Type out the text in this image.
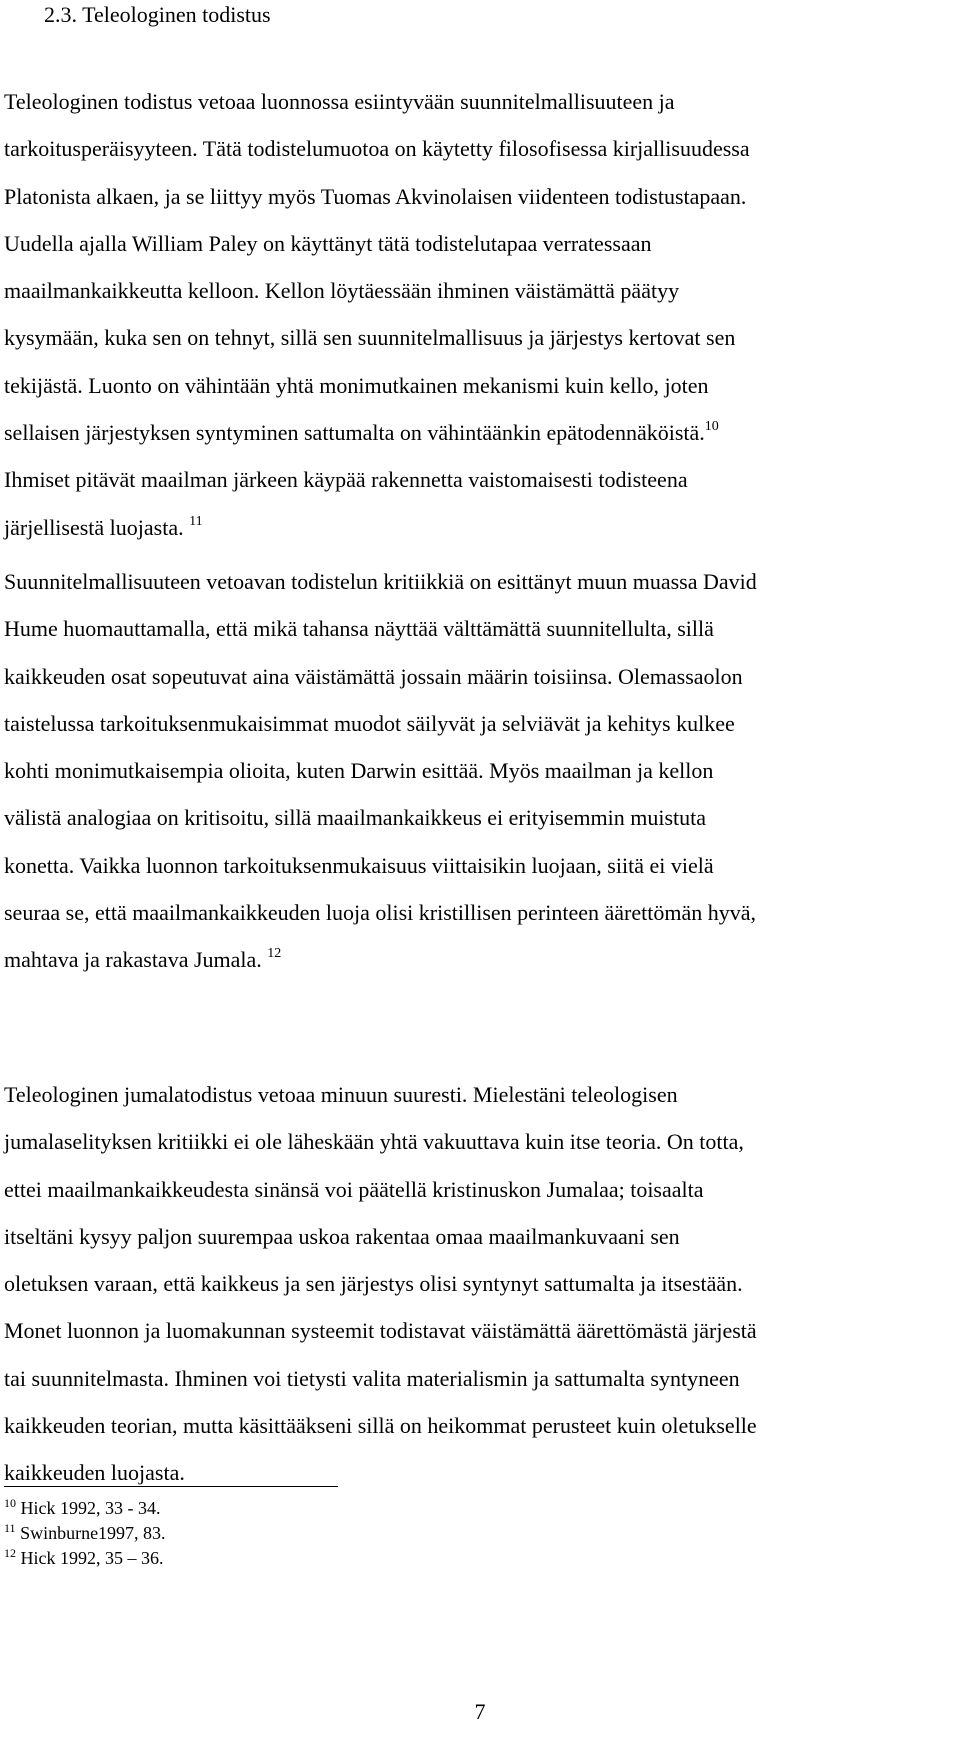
2.3. Teleologinen todistus

Teleologinen todistus vetoaa luonnossa esiintyvään suunnitelmallisuuteen ja
tarkoitusperäisyyteen. Tätä todistelumuotoa on käytetty filosofisessa kirjallisuudessa
Platonista alkaen, ja se liittyy myös Tuomas Akvinolaisen viidenteen todistustapaan.
Uudella ajalla William Paley on käyttänyt tätä todistelutapaa verratessaan
maailmankaikkeutta kelloon. Kellon löytäessään ihminen väistämättä päätyy
kysymään, kuka sen on tehnyt, sillä sen suunnitelmallisuus ja järjestys kertovat sen
tekijästä. Luonto on vähintään yhtä monimutkainen mekanismi kuin kello, joten
sellaisen järjestyksen syntyminen sattumalta on vähintäänkin epätodennäköistä.$^{10}$
Ihmiset pitävät maailman järkeen käypää rakennetta vaistomaisesti todisteena
järjellisestä luojasta. $^{11}$

Suunnitelmallisuuteen vetoavan todistelun kritiikkiä on esittänyt muun muassa David
Hume huomauttamalla, että mikä tahansa näyttää välttämättä suunnitellulta, sillä
kaikkeuden osat sopeutuvat aina väistämättä jossain määrin toisiinsa. Olemassaolon
taistelussa tarkoituksenmukaisimmat muodot säilyvät ja selviävät ja kehitys kulkee
kohti monimutkaisempia olioita, kuten Darwin esittää. Myös maailman ja kellon
välistä analogiaa on kritisoitu, sillä maailmankaikkeus ei erityisemmin muistuta
konetta. Vaikka luonnon tarkoituksenmukaisuus viittaisikin luojaan, siitä ei vielä
seuraa se, että maailmankaikkeuden luoja olisi kristillisen perinteen äärettömän hyvä,
mahtava ja rakastava Jumala. $^{12}$

Teleologinen jumalatodistus vetoaa minuun suuresti. Mielestäni teleologisen
jumalaselityksen kritiikki ei ole läheskään yhtä vakuuttava kuin itse teoria. On totta,
ettei maailmankaikkeudesta sinänsä voi päätellä kristinuskon Jumalaa; toisaalta
itseltäni kysyy paljon suurempaa uskoa rakentaa omaa maailmankuvaani sen
oletuksen varaan, että kaikkeus ja sen järjestys olisi syntynyt sattumalta ja itsestään.
Monet luonnon ja luomakunnan systeemit todistavat väistämättä äärettömästä järjestä
tai suunnitelmasta. Ihminen voi tietysti valita materialismin ja sattumalta syntyneen
kaikkeuden teorian, mutta käsittääkseni sillä on heikommat perusteet kuin oletukselle
kaikkeuden luojasta.

$^{10}$ Hick 1992, 33 - 34.
$^{11}$ Swinburne1997, 83.
$^{12}$ Hick 1992, 35 – 36.
7
